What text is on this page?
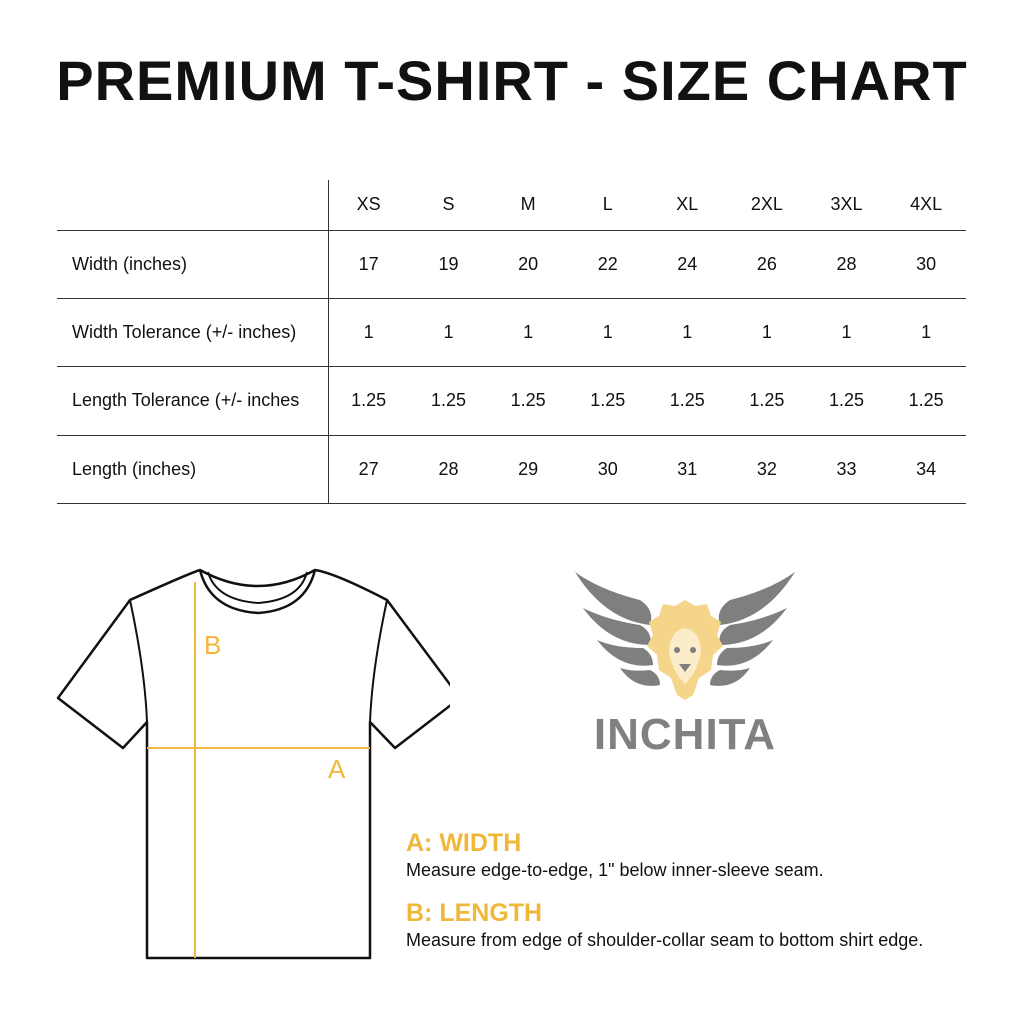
PREMIUM T-SHIRT - SIZE CHART
	XS	S	M	L	XL	2XL	3XL	4XL
Width (inches)	17	19	20	22	24	26	28	30
Width Tolerance (+/- inches)	1	1	1	1	1	1	1	1
Length Tolerance (+/- inches	1.25	1.25	1.25	1.25	1.25	1.25	1.25	1.25
Length (inches)	27	28	29	30	31	32	33	34
B
A
INCHITA
A: WIDTH
Measure edge-to-edge, 1" below inner-sleeve seam.
B: LENGTH
Measure from edge of shoulder-collar seam to bottom shirt edge.
